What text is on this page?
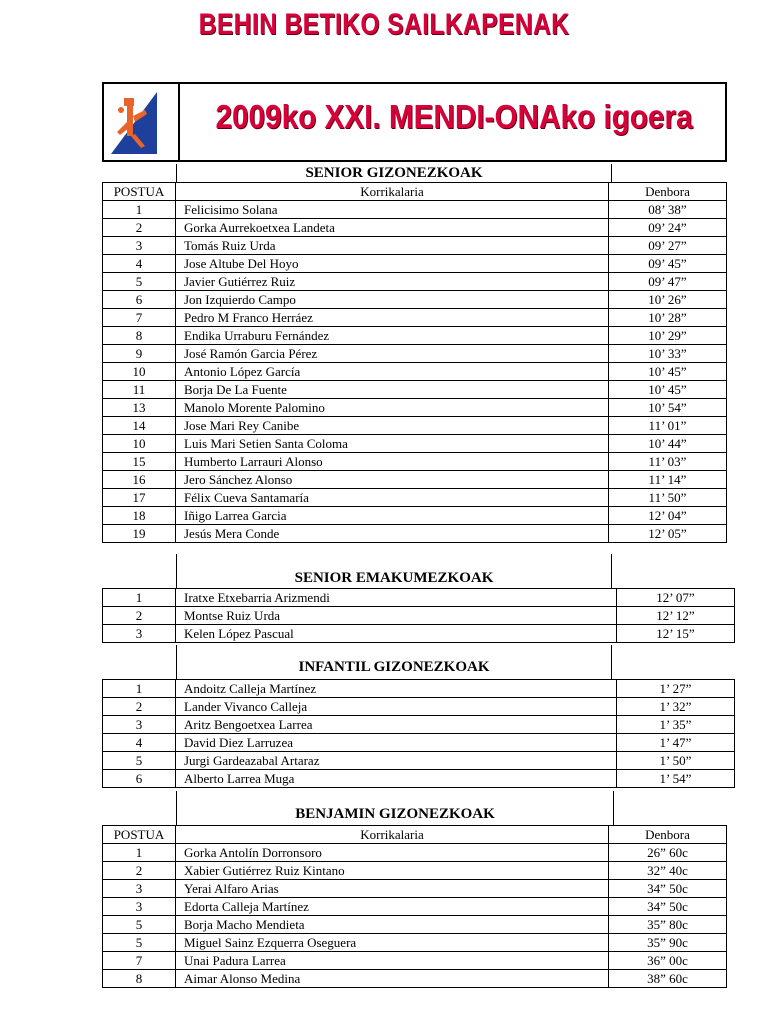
BEHIN BETIKO SAILKAPENAK
2009ko XXI. MENDI-ONAko igoera
SENIOR GIZONEZKOAK
POSTUA	Korrikalaria	Denbora
1	Felicisimo Solana	08’ 38”
2	Gorka Aurrekoetxea Landeta	09’ 24”
3	Tomás Ruiz Urda	09’ 27”
4	Jose Altube Del Hoyo	09’ 45”
5	Javier Gutiérrez Ruiz	09’ 47”
6	Jon Izquierdo Campo	10’ 26”
7	Pedro M Franco Herráez	10’ 28”
8	Endika Urraburu Fernández	10’ 29”
9	José Ramón Garcia Pérez	10’ 33”
10	Antonio López García	10’ 45”
11	Borja De La Fuente	10’ 45”
13	Manolo Morente Palomino	10’ 54”
14	Jose Mari Rey Canibe	11’ 01”
10	Luis Mari Setien Santa Coloma	10’ 44”
15	Humberto Larrauri Alonso	11’ 03”
16	Jero Sánchez Alonso	11’ 14”
17	Félix Cueva Santamaría	11’ 50”
18	Iñigo Larrea Garcia	12’ 04”
19	Jesús Mera Conde	12’ 05”
SENIOR EMAKUMEZKOAK
1	Iratxe Etxebarria Arizmendi	12’ 07”
2	Montse Ruiz Urda	12’ 12”
3	Kelen López Pascual	12’ 15”
INFANTIL GIZONEZKOAK
1	Andoitz Calleja Martínez	1’ 27”
2	Lander Vivanco Calleja	1’ 32”
3	Aritz Bengoetxea Larrea	1’ 35”
4	David Diez Larruzea	1’ 47”
5	Jurgi Gardeazabal Artaraz	1’ 50”
6	Alberto Larrea Muga	1’ 54”
BENJAMIN GIZONEZKOAK
POSTUA	Korrikalaria	Denbora
1	Gorka Antolín Dorronsoro	26” 60c
2	Xabier Gutiérrez Ruiz Kintano	32” 40c
3	Yerai Alfaro Arias	34” 50c
3	Edorta Calleja Martínez	34” 50c
5	Borja Macho Mendieta	35” 80c
5	Miguel Sainz Ezquerra Oseguera	35” 90c
7	Unai Padura Larrea	36” 00c
8	Aimar Alonso Medina	38” 60c
